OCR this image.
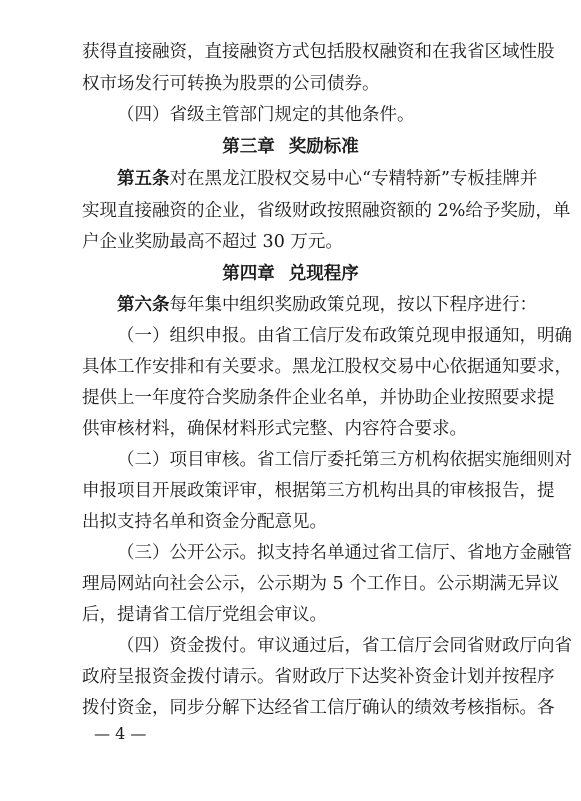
获得直接融资，直接融资方式包括股权融资和在我省区域性股
权市场发行可转换为股票的公司债券。
（四）省级主管部门规定的其他条件。
第三章 奖励标准
第五条对在黑龙江股权交易中心“专精特新”专板挂牌并
实现直接融资的企业，省级财政按照融资额的 2%给予奖励，单
户企业奖励最高不超过 30 万元。
第四章 兑现程序
第六条每年集中组织奖励政策兑现，按以下程序进行：
（一）组织申报。由省工信厅发布政策兑现申报通知，明确
具体工作安排和有关要求。黑龙江股权交易中心依据通知要求，
提供上一年度符合奖励条件企业名单，并协助企业按照要求提
供审核材料，确保材料形式完整、内容符合要求。
（二）项目审核。省工信厅委托第三方机构依据实施细则对
申报项目开展政策评审，根据第三方机构出具的审核报告，提
出拟支持名单和资金分配意见。
（三）公开公示。拟支持名单通过省工信厅、省地方金融管
理局网站向社会公示，公示期为 5 个工作日。公示期满无异议
后，提请省工信厅党组会审议。
（四）资金拨付。审议通过后，省工信厅会同省财政厅向省
政府呈报资金拨付请示。省财政厅下达奖补资金计划并按程序
拨付资金，同步分解下达经省工信厅确认的绩效考核指标。各
— 4 —
